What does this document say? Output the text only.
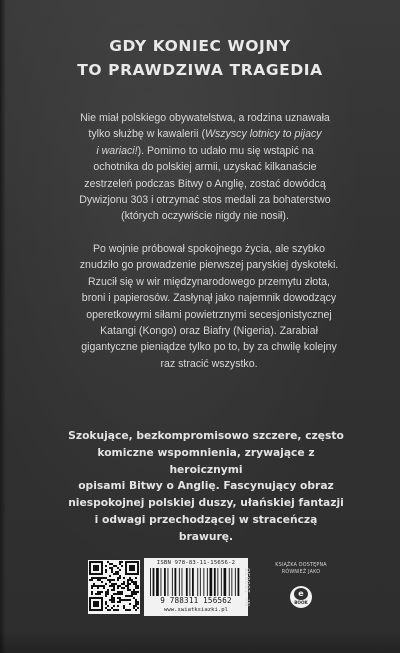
GDY KONIEC WOJNY
TO PRAWDZIWA TRAGEDIA
Nie miał polskiego obywatelstwa, a rodzina uznawała
tylko służbę w kawalerii (Wszyscy lotnicy to pijacy
i wariaci!). Pomimo to udało mu się wstąpić na
ochotnika do polskiej armii, uzyskać kilkanaście
zestrzeleń podczas Bitwy o Anglię, zostać dowódcą
Dywizjonu 303 i otrzymać stos medali za bohaterstwo
(których oczywiście nigdy nie nosił).
Po wojnie próbował spokojnego życia, ale szybko
znudziło go prowadzenie pierwszej paryskiej dyskoteki.
Rzucił się w wir międzynarodowego przemytu złota,
broni i papierosów. Zasłynął jako najemnik dowodzący
operetkowymi siłami powietrznymi secesjonistycznej
Katangi (Kongo) oraz Biafry (Nigeria). Zarabiał
gigantyczne pieniądze tylko po to, by za chwilę kolejny
raz stracić wszystko.
Szokujące, bezkompromisowo szczere, często
komiczne wspomnienia, zrywające z heroicznymi
opisami Bitwy o Anglię. Fascynujący obraz
niespokojnej polskiej duszy, ułańskiej fantazji
i odwagi przechodzącej w straceńczą brawurę.
ISBN 978-83-11-15656-2
9 788311 156562
www.swiatksiazki.pl
Nr 100038
KSIĄŻKA DOSTĘPNA
RÓWNIEŻ JAKO
e
BOOK
